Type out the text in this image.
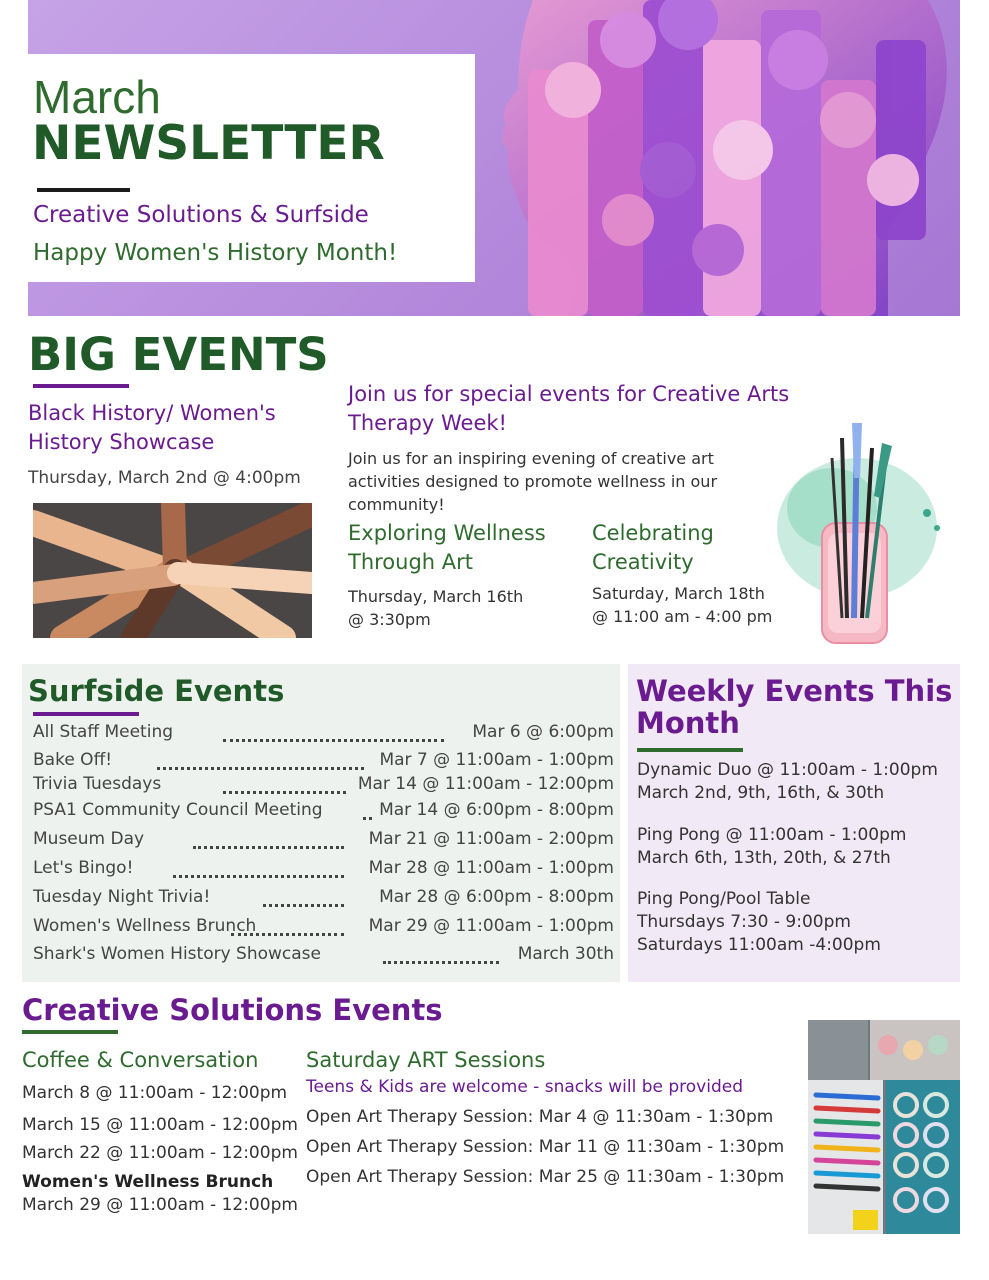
March
NEWSLETTER
Creative Solutions & Surfside
Happy Women's History Month!
BIG EVENTS
Black History/ Women's
History Showcase
Thursday, March 2nd @ 4:00pm
Join us for special events for Creative Arts
Therapy Week!
Join us for an inspiring evening of creative art
activities designed to promote wellness in our
community!
Exploring Wellness
Through Art
Thursday, March 16th
@ 3:30pm
Celebrating
Creativity
Saturday, March 18th
@ 11:00 am - 4:00 pm
Surfside Events
All Staff Meeting	Mar 6 @ 6:00pm
Bake Off!	Mar 7 @ 11:00am - 1:00pm
Trivia Tuesdays	Mar 14 @ 11:00am - 12:00pm
PSA1 Community Council Meeting	Mar 14 @ 6:00pm - 8:00pm
Museum Day	Mar 21 @ 11:00am - 2:00pm
Let's Bingo!	Mar 28 @ 11:00am - 1:00pm
Tuesday Night Trivia!	Mar 28 @ 6:00pm - 8:00pm
Women's Wellness Brunch	Mar 29 @ 11:00am - 1:00pm
Shark's Women History Showcase	March 30th
Weekly Events This
Month
Dynamic Duo @ 11:00am - 1:00pm
March 2nd, 9th, 16th, & 30th
Ping Pong @ 11:00am - 1:00pm
March 6th, 13th, 20th, & 27th
Ping Pong/Pool Table
Thursdays 7:30 - 9:00pm
Saturdays 11:00am -4:00pm
Creative Solutions Events
Coffee & Conversation
March 8 @ 11:00am - 12:00pm
March 15 @ 11:00am - 12:00pm
March 22 @ 11:00am - 12:00pm
Women's Wellness Brunch
March 29 @ 11:00am - 12:00pm
Saturday ART Sessions
Teens & Kids are welcome - snacks will be provided
Open Art Therapy Session: Mar 4 @ 11:30am - 1:30pm
Open Art Therapy Session: Mar 11 @ 11:30am - 1:30pm
Open Art Therapy Session: Mar 25 @ 11:30am - 1:30pm
